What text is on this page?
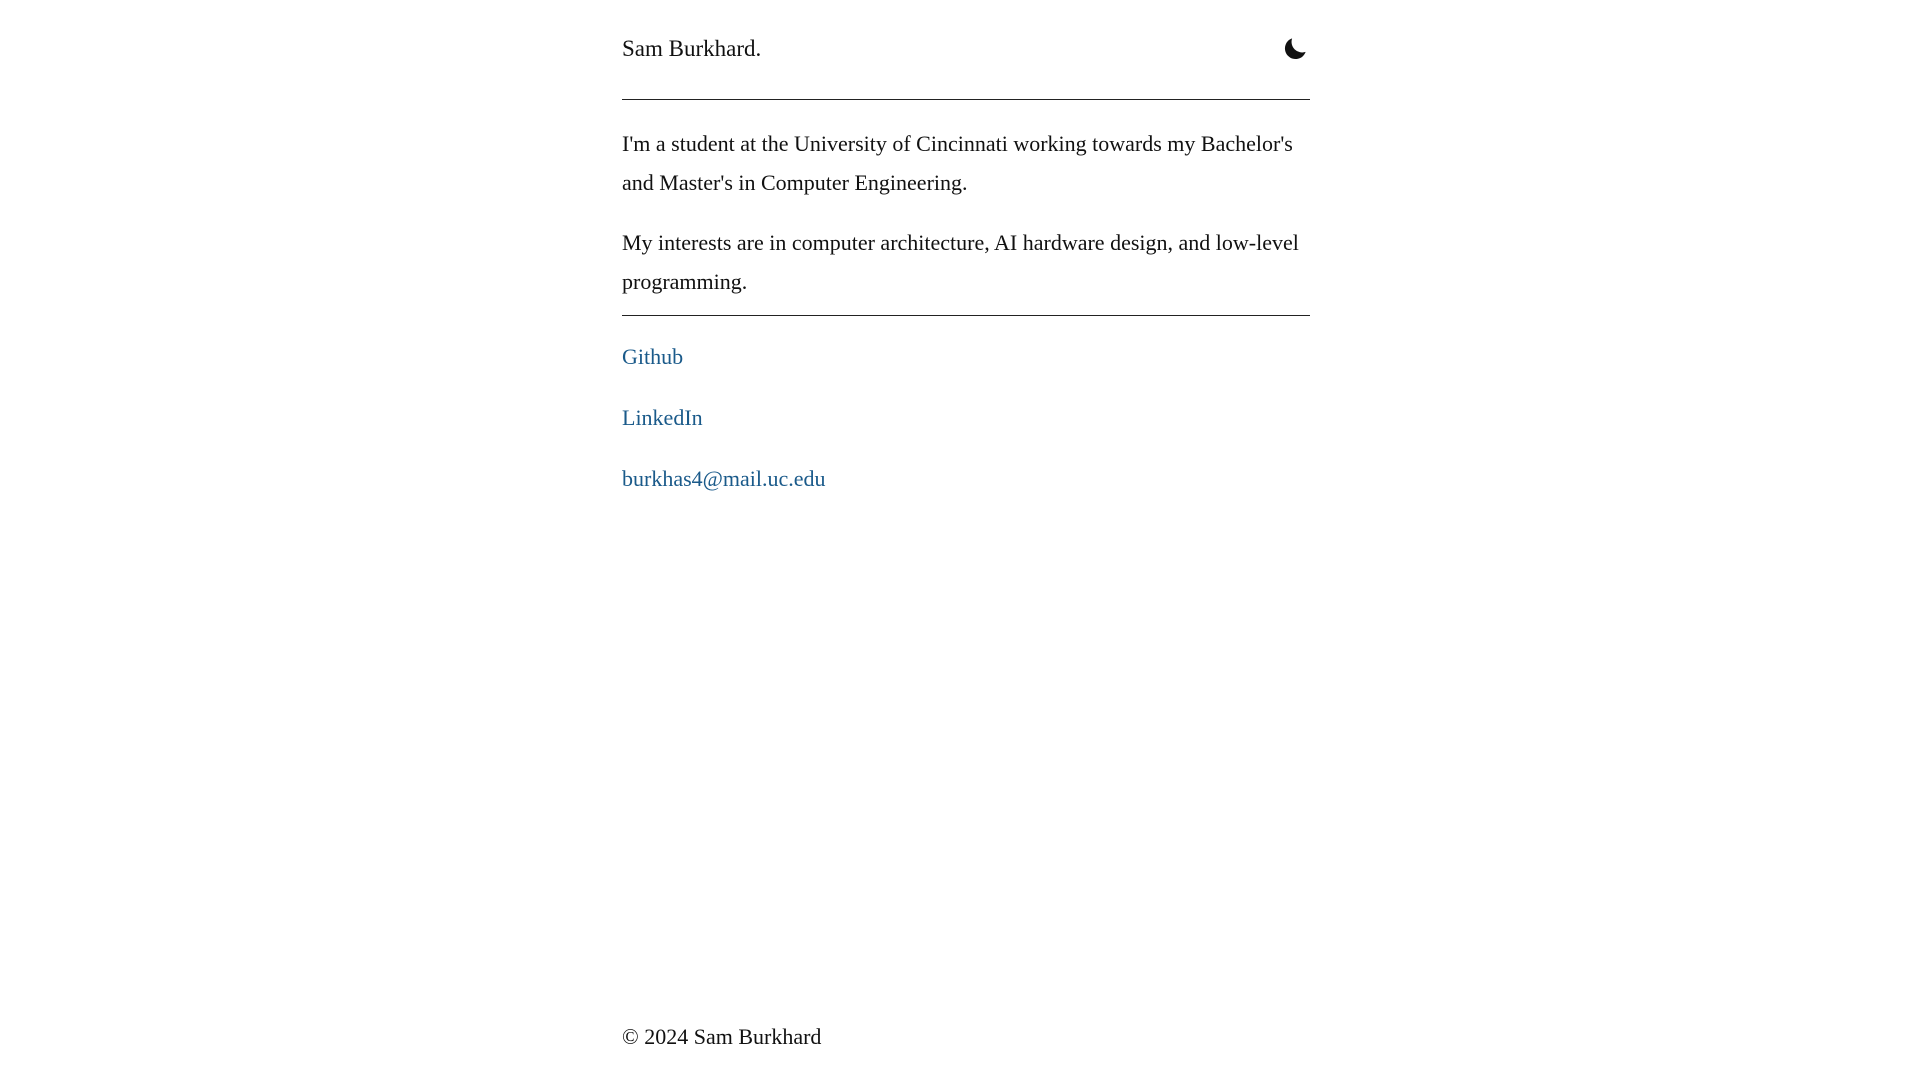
Sam Burkhard.

I'm a student at the University of Cincinnati working towards my Bachelor's and Master's in Computer Engineering.

My interests are in computer architecture, AI hardware design, and low-level programming.

Github
LinkedIn
burkhas4@mail.uc.edu
© 2024 Sam Burkhard
